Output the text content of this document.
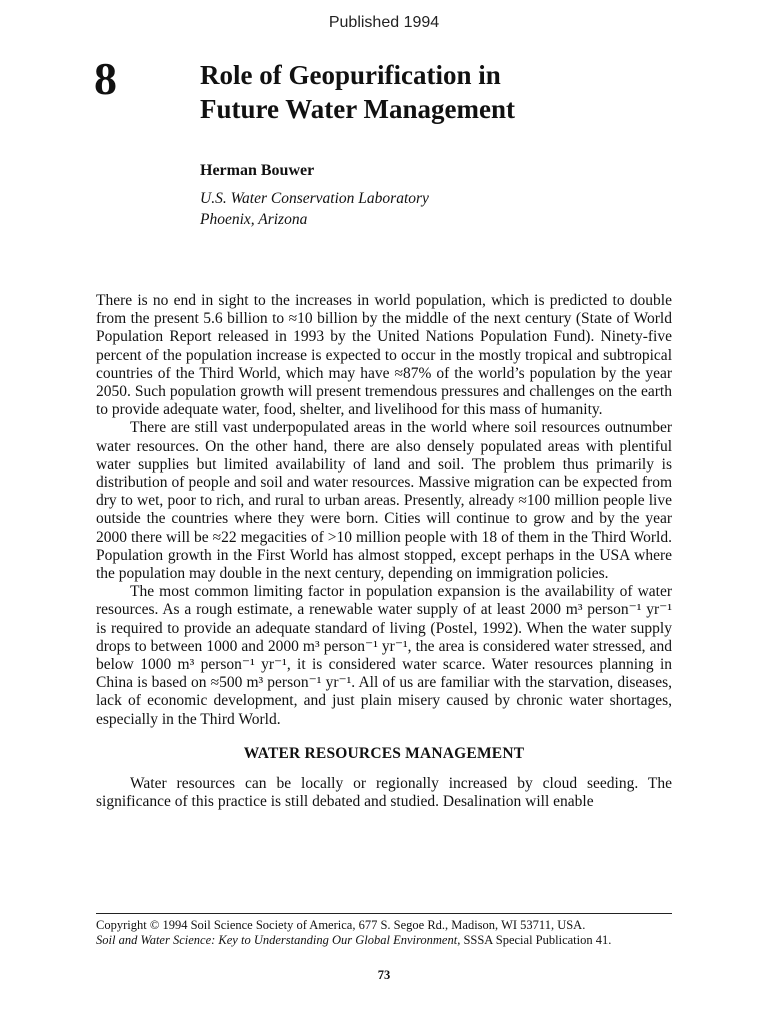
Published 1994
8	Role of Geopurification in
Future Water Management
Herman Bouwer
U.S. Water Conservation Laboratory
Phoenix, Arizona

There is no end in sight to the increases in world population, which is predicted to double from the present 5.6 billion to ≈10 billion by the middle of the next century (State of World Population Report released in 1993 by the United Nations Population Fund). Ninety-five percent of the population increase is expected to occur in the mostly tropical and subtropical countries of the Third World, which may have ≈87% of the world’s population by the year 2050. Such population growth will present tremendous pressures and challenges on the earth to provide adequate water, food, shelter, and livelihood for this mass of humanity.

There are still vast underpopulated areas in the world where soil resources outnumber water resources. On the other hand, there are also densely populated areas with plentiful water supplies but limited availability of land and soil. The problem thus primarily is distribution of people and soil and water resources. Massive migration can be expected from dry to wet, poor to rich, and rural to urban areas. Presently, already ≈100 million people live outside the countries where they were born. Cities will continue to grow and by the year 2000 there will be ≈22 megacities of >10 million people with 18 of them in the Third World. Population growth in the First World has almost stopped, except perhaps in the USA where the population may double in the next century, depending on immigration policies.

The most common limiting factor in population expansion is the availability of water resources. As a rough estimate, a renewable water supply of at least 2000 m³ person⁻¹ yr⁻¹ is required to provide an adequate standard of living (Postel, 1992). When the water supply drops to between 1000 and 2000 m³ person⁻¹ yr⁻¹, the area is considered water stressed, and below 1000 m³ person⁻¹ yr⁻¹, it is considered water scarce. Water resources planning in China is based on ≈500 m³ person⁻¹ yr⁻¹. All of us are familiar with the starvation, diseases, lack of economic development, and just plain misery caused by chronic water shortages, especially in the Third World.

WATER RESOURCES MANAGEMENT

Water resources can be locally or regionally increased by cloud seeding. The significance of this practice is still debated and studied. Desalination will enable

Copyright © 1994 Soil Science Society of America, 677 S. Segoe Rd., Madison, WI 53711, USA.
Soil and Water Science: Key to Understanding Our Global Environment, SSSA Special Publication 41.
73
